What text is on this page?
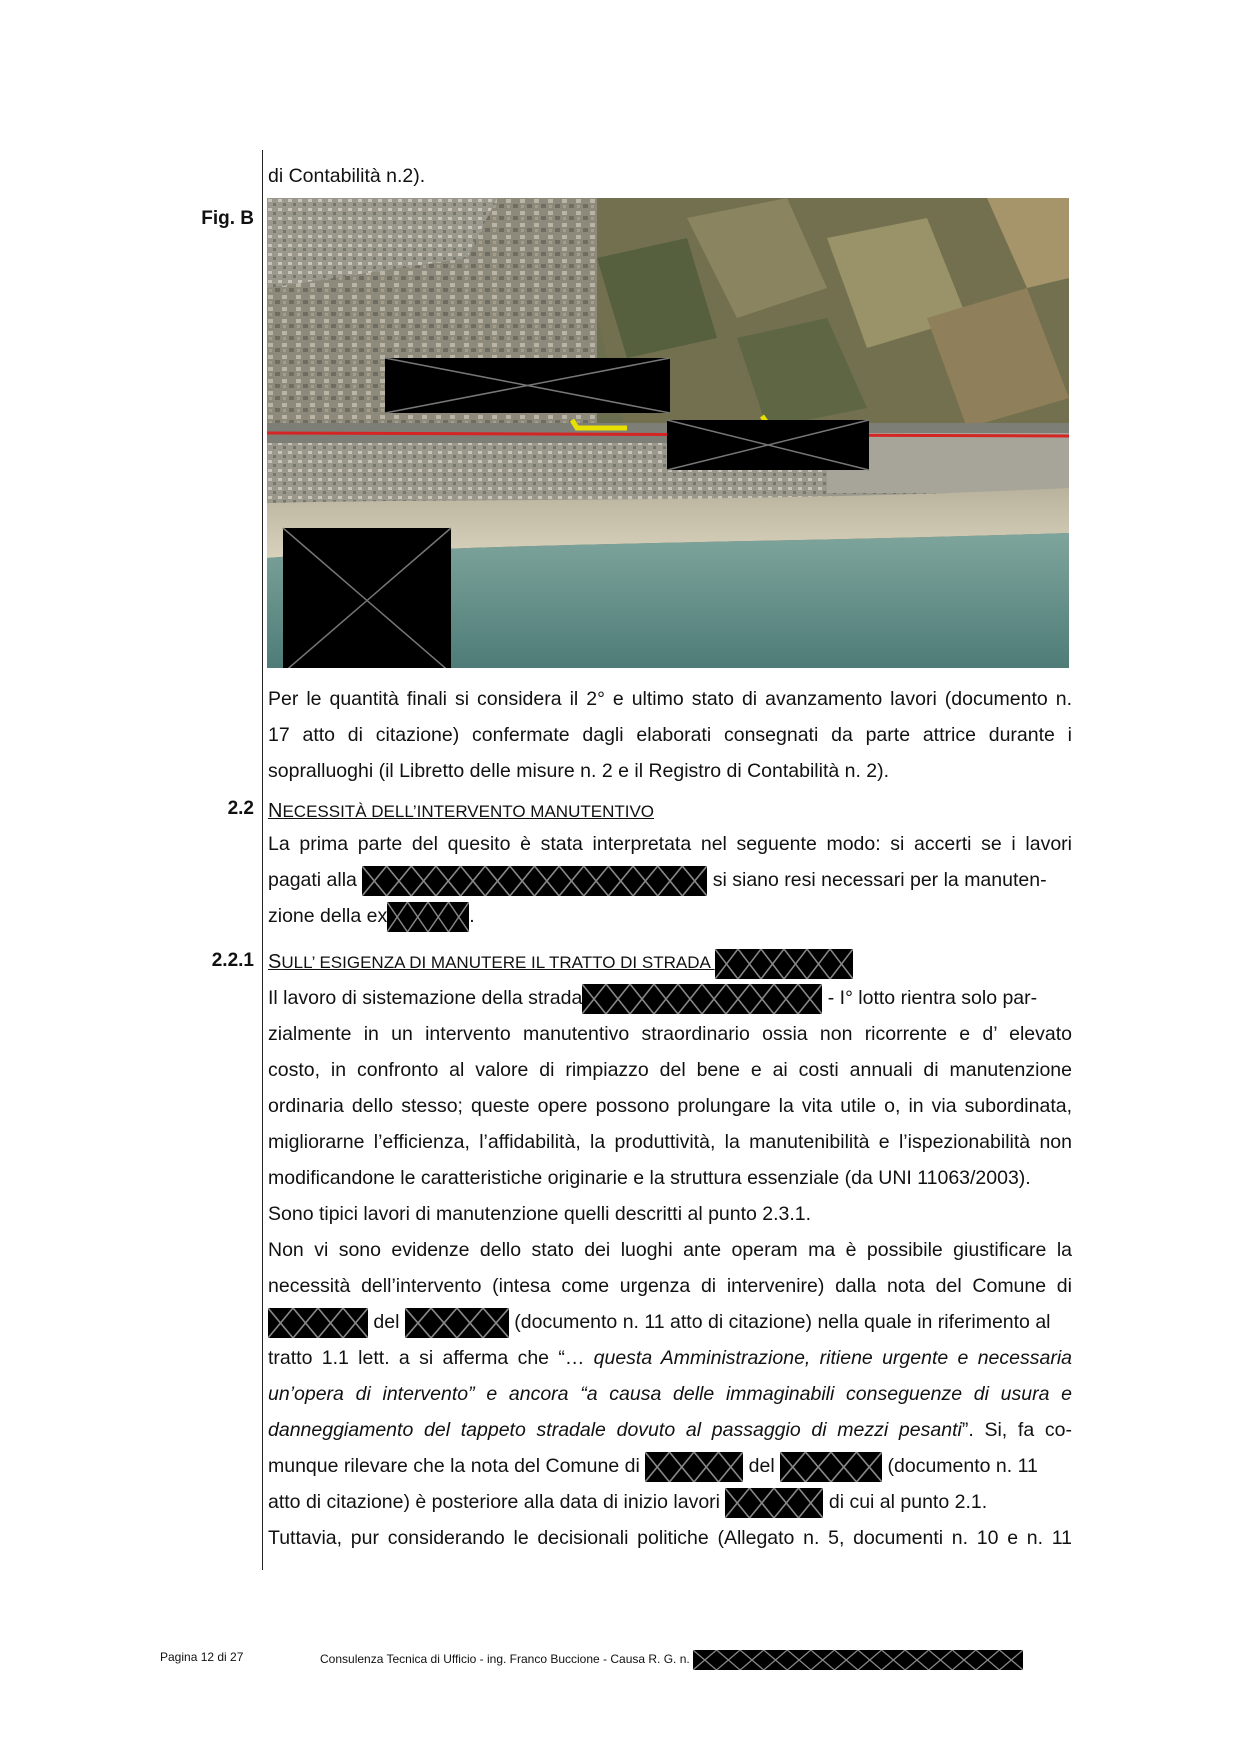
di Contabilità n.2).
Fig. B
Per le quantità finali si considera il 2° e ultimo stato di avanzamento lavori (documento n.
17 atto di citazione) confermate dagli elaborati consegnati da parte attrice durante i
sopralluoghi (il Libretto delle misure n. 2 e il Registro di Contabilità n. 2).
2.2 NECESSITÀ DELL’INTERVENTO MANUTENTIVO
La prima parte del quesito è stata interpretata nel seguente modo: si accerti se i lavori
pagati alla	si siano resi necessari per la manuten-
zione della ex	.
2.2.1 SULL’ ESIGENZA DI MANUTERE IL TRATTO DI STRADA
Il lavoro di sistemazione della strada	- I° lotto rientra solo par-
zialmente in un intervento manutentivo straordinario ossia non ricorrente e d’ elevato
costo, in confronto al valore di rimpiazzo del bene e ai costi annuali di manutenzione
ordinaria dello stesso; queste opere possono prolungare la vita utile o, in via subordinata,
migliorarne l’efficienza, l’affidabilità, la produttività, la manutenibilità e l’ispezionabilità non
modificandone le caratteristiche originarie e la struttura essenziale (da UNI 11063/2003).
Sono tipici lavori di manutenzione quelli descritti al punto 2.3.1.
Non vi sono evidenze dello stato dei luoghi ante operam ma è possibile giustificare la
necessità dell’intervento (intesa come urgenza di intervenire) dalla nota del Comune di
del	(documento n. 11 atto di citazione) nella quale in riferimento al
tratto 1.1 lett. a si afferma che “… questa Amministrazione, ritiene urgente e necessaria
un’opera di intervento” e ancora “a causa delle immaginabili conseguenze di usura e
danneggiamento del tappeto stradale dovuto al passaggio di mezzi pesanti”. Si, fa co-
munque rilevare che la nota del Comune di	del	(documento n. 11
atto di citazione) è posteriore alla data di inizio lavori	di cui al punto 2.1.
Tuttavia, pur considerando le decisionali politiche (Allegato n. 5, documenti n. 10 e n. 11
Pagina 12 di 27	Consulenza Tecnica di Ufficio - ing. Franco Buccione - Causa R. G. n.
